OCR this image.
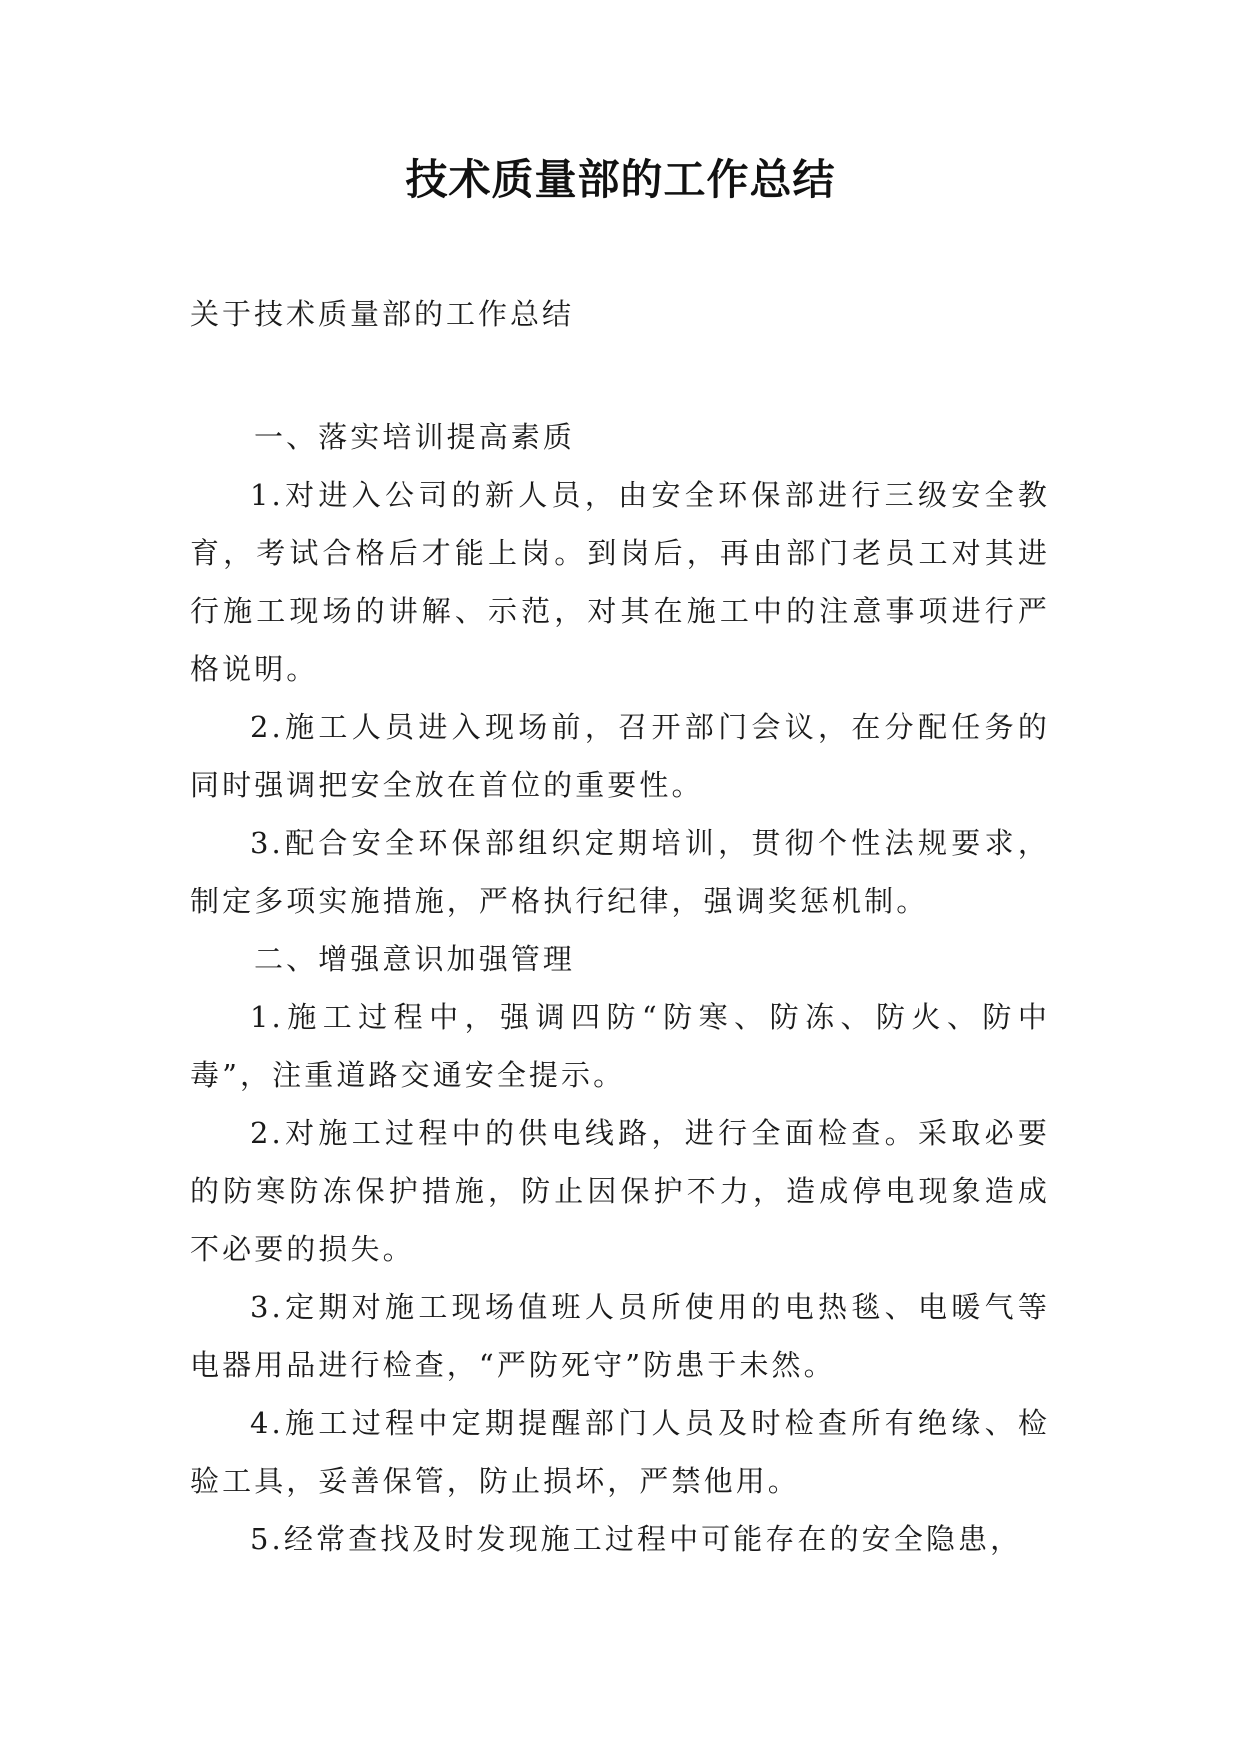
技术质量部的工作总结

关于技术质量部的工作总结

一、落实培训提高素质

1.对进入公司的新人员，由安全环保部进行三级安全教育，考试合格后才能上岗。到岗后，再由部门老员工对其进行施工现场的讲解、示范，对其在施工中的注意事项进行严格说明。

2.施工人员进入现场前，召开部门会议，在分配任务的同时强调把安全放在首位的重要性。

3.配合安全环保部组织定期培训，贯彻个性法规要求，制定多项实施措施，严格执行纪律，强调奖惩机制。

二、增强意识加强管理

1.施工过程中，强调四防“防寒、防冻、防火、防中毒”，注重道路交通安全提示。

2.对施工过程中的供电线路，进行全面检查。采取必要的防寒防冻保护措施，防止因保护不力，造成停电现象造成不必要的损失。

3.定期对施工现场值班人员所使用的电热毯、电暖气等电器用品进行检查，“严防死守”防患于未然。

4.施工过程中定期提醒部门人员及时检查所有绝缘、检验工具，妥善保管，防止损坏，严禁他用。

5.经常查找及时发现施工过程中可能存在的安全隐患，
